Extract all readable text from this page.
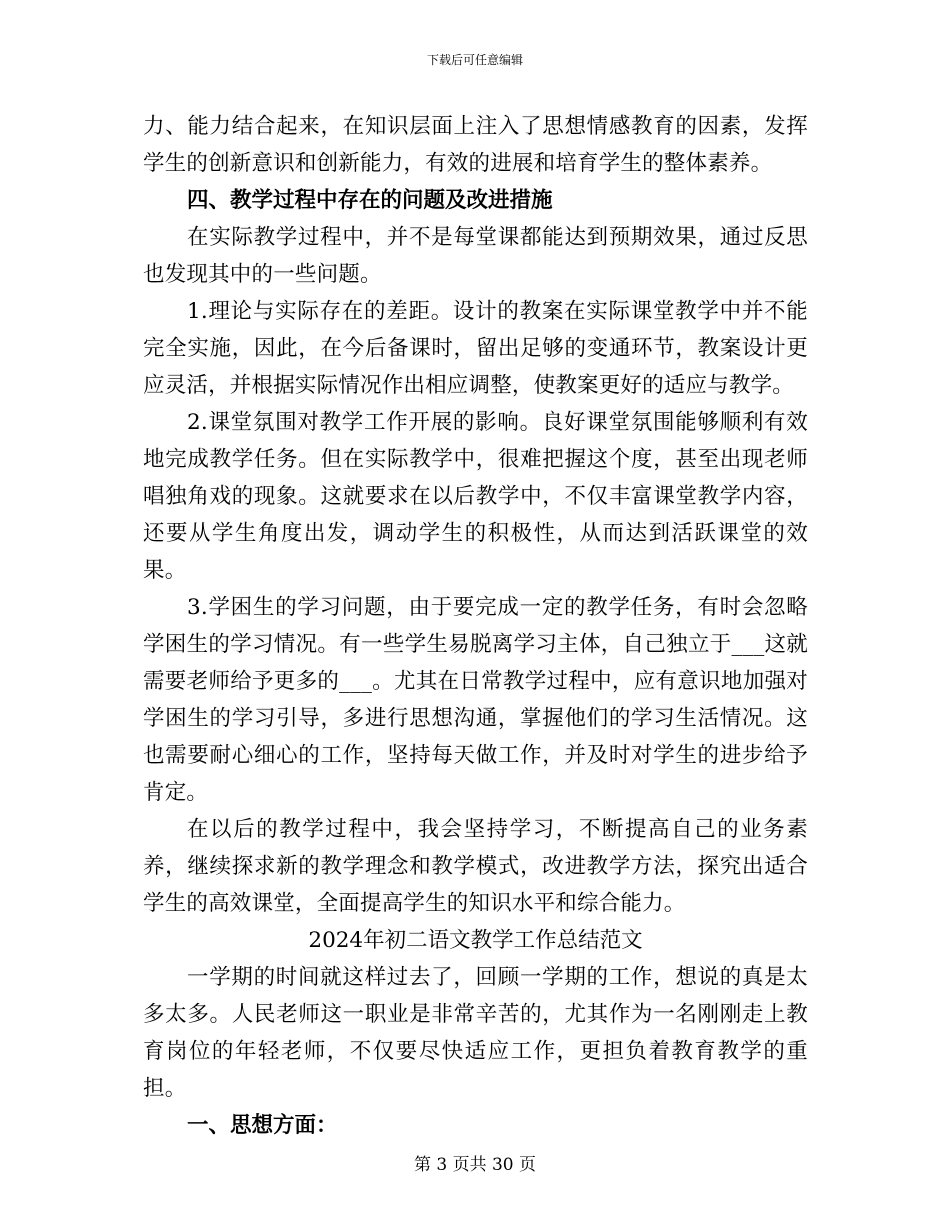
下载后可任意编辑

力、能力结合起来，在知识层面上注入了思想情感教育的因素，发挥学生的创新意识和创新能力，有效的进展和培育学生的整体素养。

四、教学过程中存在的问题及改进措施

在实际教学过程中，并不是每堂课都能达到预期效果，通过反思也发现其中的一些问题。

1.理论与实际存在的差距。设计的教案在实际课堂教学中并不能完全实施，因此，在今后备课时，留出足够的变通环节，教案设计更应灵活，并根据实际情况作出相应调整，使教案更好的适应与教学。

2.课堂氛围对教学工作开展的影响。良好课堂氛围能够顺利有效地完成教学任务。但在实际教学中，很难把握这个度，甚至出现老师唱独角戏的现象。这就要求在以后教学中，不仅丰富课堂教学内容，还要从学生角度出发，调动学生的积极性，从而达到活跃课堂的效果。

3.学困生的学习问题，由于要完成一定的教学任务，有时会忽略学困生的学习情况。有一些学生易脱离学习主体，自己独立于___这就需要老师给予更多的___。尤其在日常教学过程中，应有意识地加强对学困生的学习引导，多进行思想沟通，掌握他们的学习生活情况。这也需要耐心细心的工作，坚持每天做工作，并及时对学生的进步给予肯定。

在以后的教学过程中，我会坚持学习，不断提高自己的业务素养，继续探求新的教学理念和教学模式，改进教学方法，探究出适合学生的高效课堂，全面提高学生的知识水平和综合能力。

2024年初二语文教学工作总结范文

一学期的时间就这样过去了，回顾一学期的工作，想说的真是太多太多。人民老师这一职业是非常辛苦的，尤其作为一名刚刚走上教育岗位的年轻老师，不仅要尽快适应工作，更担负着教育教学的重担。

一、思想方面：

第 3 页共 30 页
